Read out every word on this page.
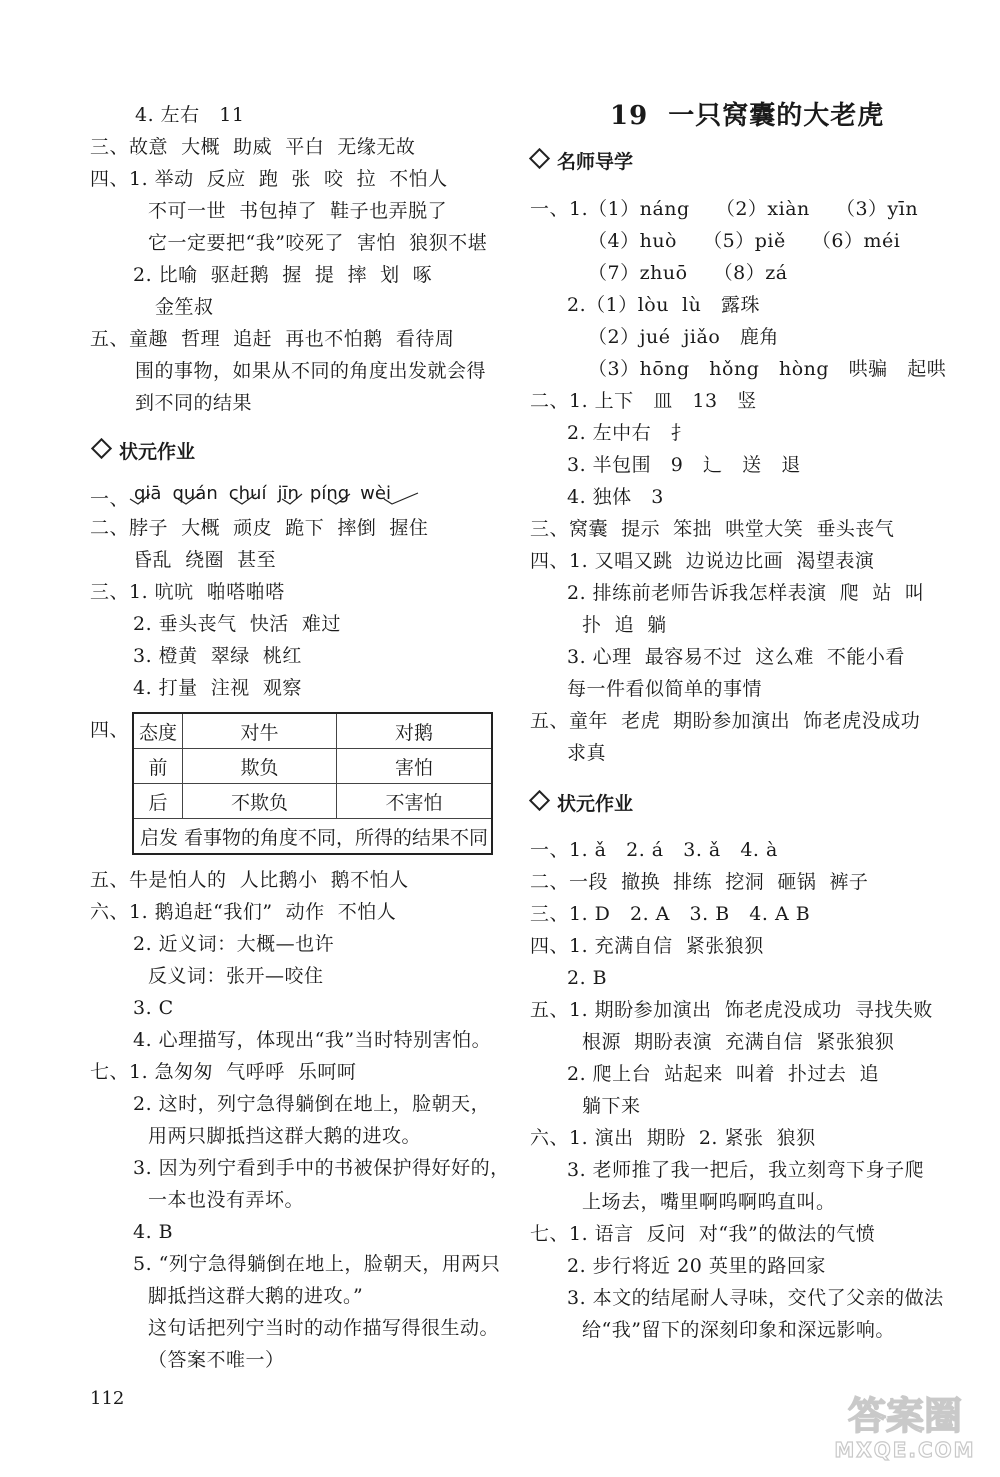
4. 左右   11
三、故意  大概  助威  平白  无缘无故
四、1. 举动  反应  跑  张  咬  拉  不怕人
不可一世  书包掉了  鞋子也弄脱了
它一定要把“我”咬死了  害怕  狼狈不堪
2. 比喻  驱赶鹅  握  提  摔  划  啄
金笙叔
五、童趣  哲理  追赶  再也不怕鹅  看待周
围的事物，如果从不同的角度出发就会得
到不同的结果
状元作业
一、 qiā quán chuí jīn píng wèi
二、脖子  大概  顽皮  跪下  摔倒  握住
昏乱  绕圈  甚至
三、1. 吭吭  啪嗒啪嗒
2. 垂头丧气  快活  难过
3. 橙黄  翠绿  桃红
4. 打量  注视  观察
四、 态度	对牛	对鹅
前	欺负	害怕
后	不欺负	不害怕
启发 看事物的角度不同，所得的结果不同		
五、牛是怕人的  人比鹅小  鹅不怕人
六、1. 鹅追赶“我们”  动作  不怕人
2. 近义词：大概—也许
反义词：张开—咬住
3. C
4. 心理描写，体现出“我”当时特别害怕。
七、1. 急匆匆  气呼呼  乐呵呵
2. 这时，列宁急得躺倒在地上，脸朝天，
用两只脚抵挡这群大鹅的进攻。
3. 因为列宁看到手中的书被保护得好好的，
一本也没有弄坏。
4. B
5. “列宁急得躺倒在地上，脸朝天，用两只
脚抵挡这群大鹅的进攻。”
这句话把列宁当时的动作描写得很生动。
（答案不唯一）
112
19  一只窝囊的大老虎
名师导学
一、1.（1）náng    （2）xiàn    （3）yīn
（4）huò    （5）piě    （6）méi
（7）zhuō    （8）zá
2.（1）lòu  lù   露珠
（2）jué  jiǎo   鹿角
（3）hōng   hǒng   hòng   哄骗   起哄
二、1. 上下   皿   13   竖
2. 左中右   扌
3. 半包围   9   辶   送   退
4. 独体   3
三、窝囊  提示  笨拙  哄堂大笑  垂头丧气
四、1. 又唱又跳  边说边比画  渴望表演
2. 排练前老师告诉我怎样表演  爬  站  叫
扑  追  躺
3. 心理  最容易不过  这么难  不能小看
每一件看似简单的事情
五、童年  老虎  期盼参加演出  饰老虎没成功
求真
状元作业
一、1. ǎ   2. á   3. ǎ   4. à
二、一段  撤换  排练  挖洞  砸锅  裤子
三、1. D   2. A   3. B   4. A B
四、1. 充满自信  紧张狼狈
2. B
五、1. 期盼参加演出  饰老虎没成功  寻找失败
根源  期盼表演  充满自信  紧张狼狈
2. 爬上台  站起来  叫着  扑过去  追
躺下来
六、1. 演出  期盼  2. 紧张  狼狈
3. 老师推了我一把后，我立刻弯下身子爬
上场去，嘴里啊呜啊呜直叫。
七、1. 语言  反问  对“我”的做法的气愤
2. 步行将近 20 英里的路回家
3. 本文的结尾耐人寻味，交代了父亲的做法
给“我”留下的深刻印象和深远影响。
答案圈
MXQE.COM
